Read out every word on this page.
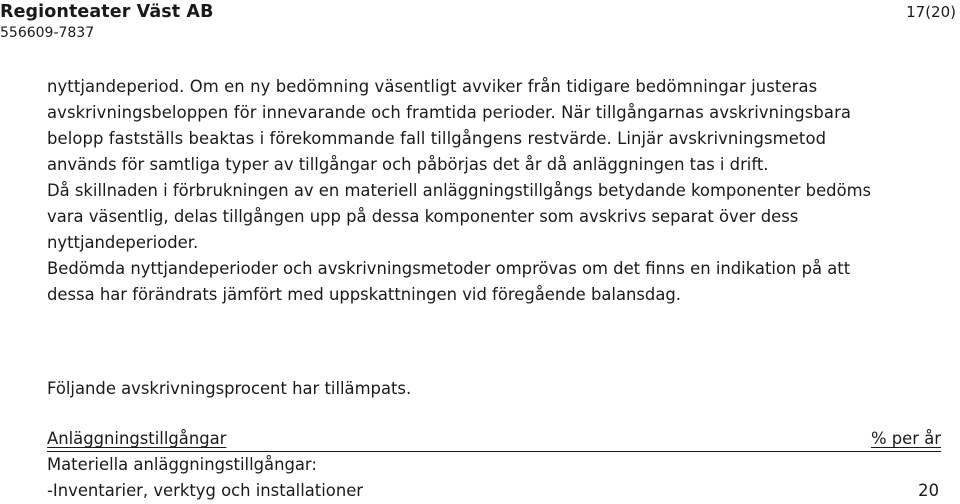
Regionteater Väst AB
556609-7837
17(20)
nyttjandeperiod. Om en ny bedömning väsentligt avviker från tidigare bedömningar justeras
avskrivningsbeloppen för innevarande och framtida perioder. När tillgångarnas avskrivningsbara
belopp fastställs beaktas i förekommande fall tillgångens restvärde. Linjär avskrivningsmetod
används för samtliga typer av tillgångar och påbörjas det år då anläggningen tas i drift.
Då skillnaden i förbrukningen av en materiell anläggningstillgångs betydande komponenter bedöms
vara väsentlig, delas tillgången upp på dessa komponenter som avskrivs separat över dess
nyttjandeperioder.
Bedömda nyttjandeperioder och avskrivningsmetoder omprövas om det finns en indikation på att
dessa har förändrats jämfört med uppskattningen vid föregående balansdag.
Följande avskrivningsprocent har tillämpats.
Anläggningstillgångar	% per år
Materiella anläggningstillgångar:
-Inventarier, verktyg och installationer	20
